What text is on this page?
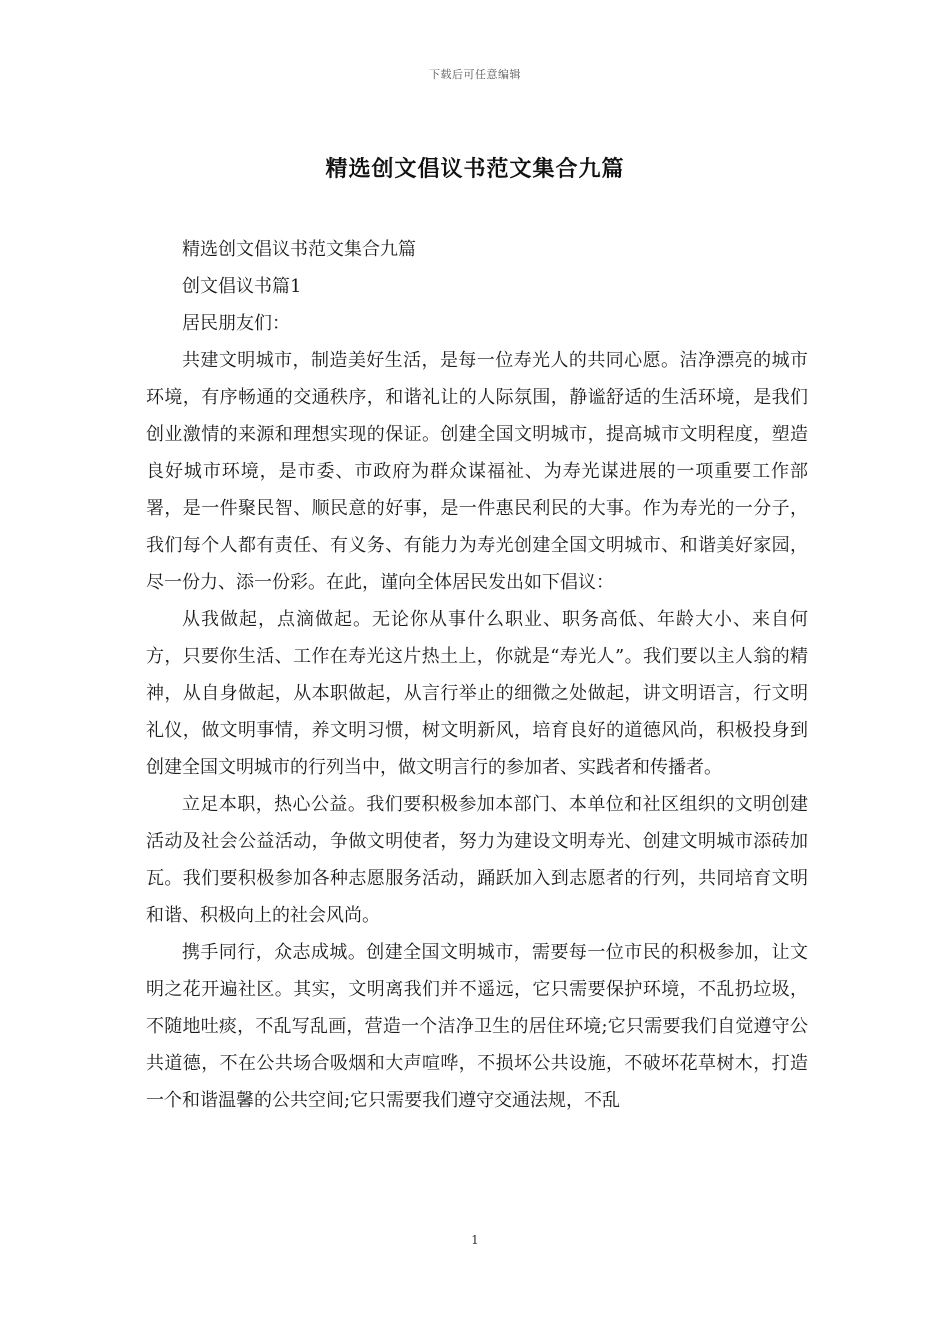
下载后可任意编辑
精选创文倡议书范文集合九篇

精选创文倡议书范文集合九篇

创文倡议书篇1

居民朋友们：

共建文明城市，制造美好生活，是每一位寿光人的共同心愿。洁净漂亮的城市环境，有序畅通的交通秩序，和谐礼让的人际氛围，静谧舒适的生活环境，是我们创业激情的来源和理想实现的保证。创建全国文明城市，提高城市文明程度，塑造良好城市环境，是市委、市政府为群众谋福祉、为寿光谋进展的一项重要工作部署，是一件聚民智、顺民意的好事，是一件惠民利民的大事。作为寿光的一分子，我们每个人都有责任、有义务、有能力为寿光创建全国文明城市、和谐美好家园，尽一份力、添一份彩。在此，谨向全体居民发出如下倡议：

从我做起，点滴做起。无论你从事什么职业、职务高低、年龄大小、来自何方，只要你生活、工作在寿光这片热土上，你就是“寿光人”。我们要以主人翁的精神，从自身做起，从本职做起，从言行举止的细微之处做起，讲文明语言，行文明礼仪，做文明事情，养文明习惯，树文明新风，培育良好的道德风尚，积极投身到创建全国文明城市的行列当中，做文明言行的参加者、实践者和传播者。

立足本职，热心公益。我们要积极参加本部门、本单位和社区组织的文明创建活动及社会公益活动，争做文明使者，努力为建设文明寿光、创建文明城市添砖加瓦。我们要积极参加各种志愿服务活动，踊跃加入到志愿者的行列，共同培育文明和谐、积极向上的社会风尚。

携手同行，众志成城。创建全国文明城市，需要每一位市民的积极参加，让文明之花开遍社区。其实，文明离我们并不遥远，它只需要保护环境，不乱扔垃圾，不随地吐痰，不乱写乱画，营造一个洁净卫生的居住环境;它只需要我们自觉遵守公共道德，不在公共场合吸烟和大声喧哗，不损坏公共设施，不破坏花草树木，打造一个和谐温馨的公共空间;它只需要我们遵守交通法规，不乱

1
